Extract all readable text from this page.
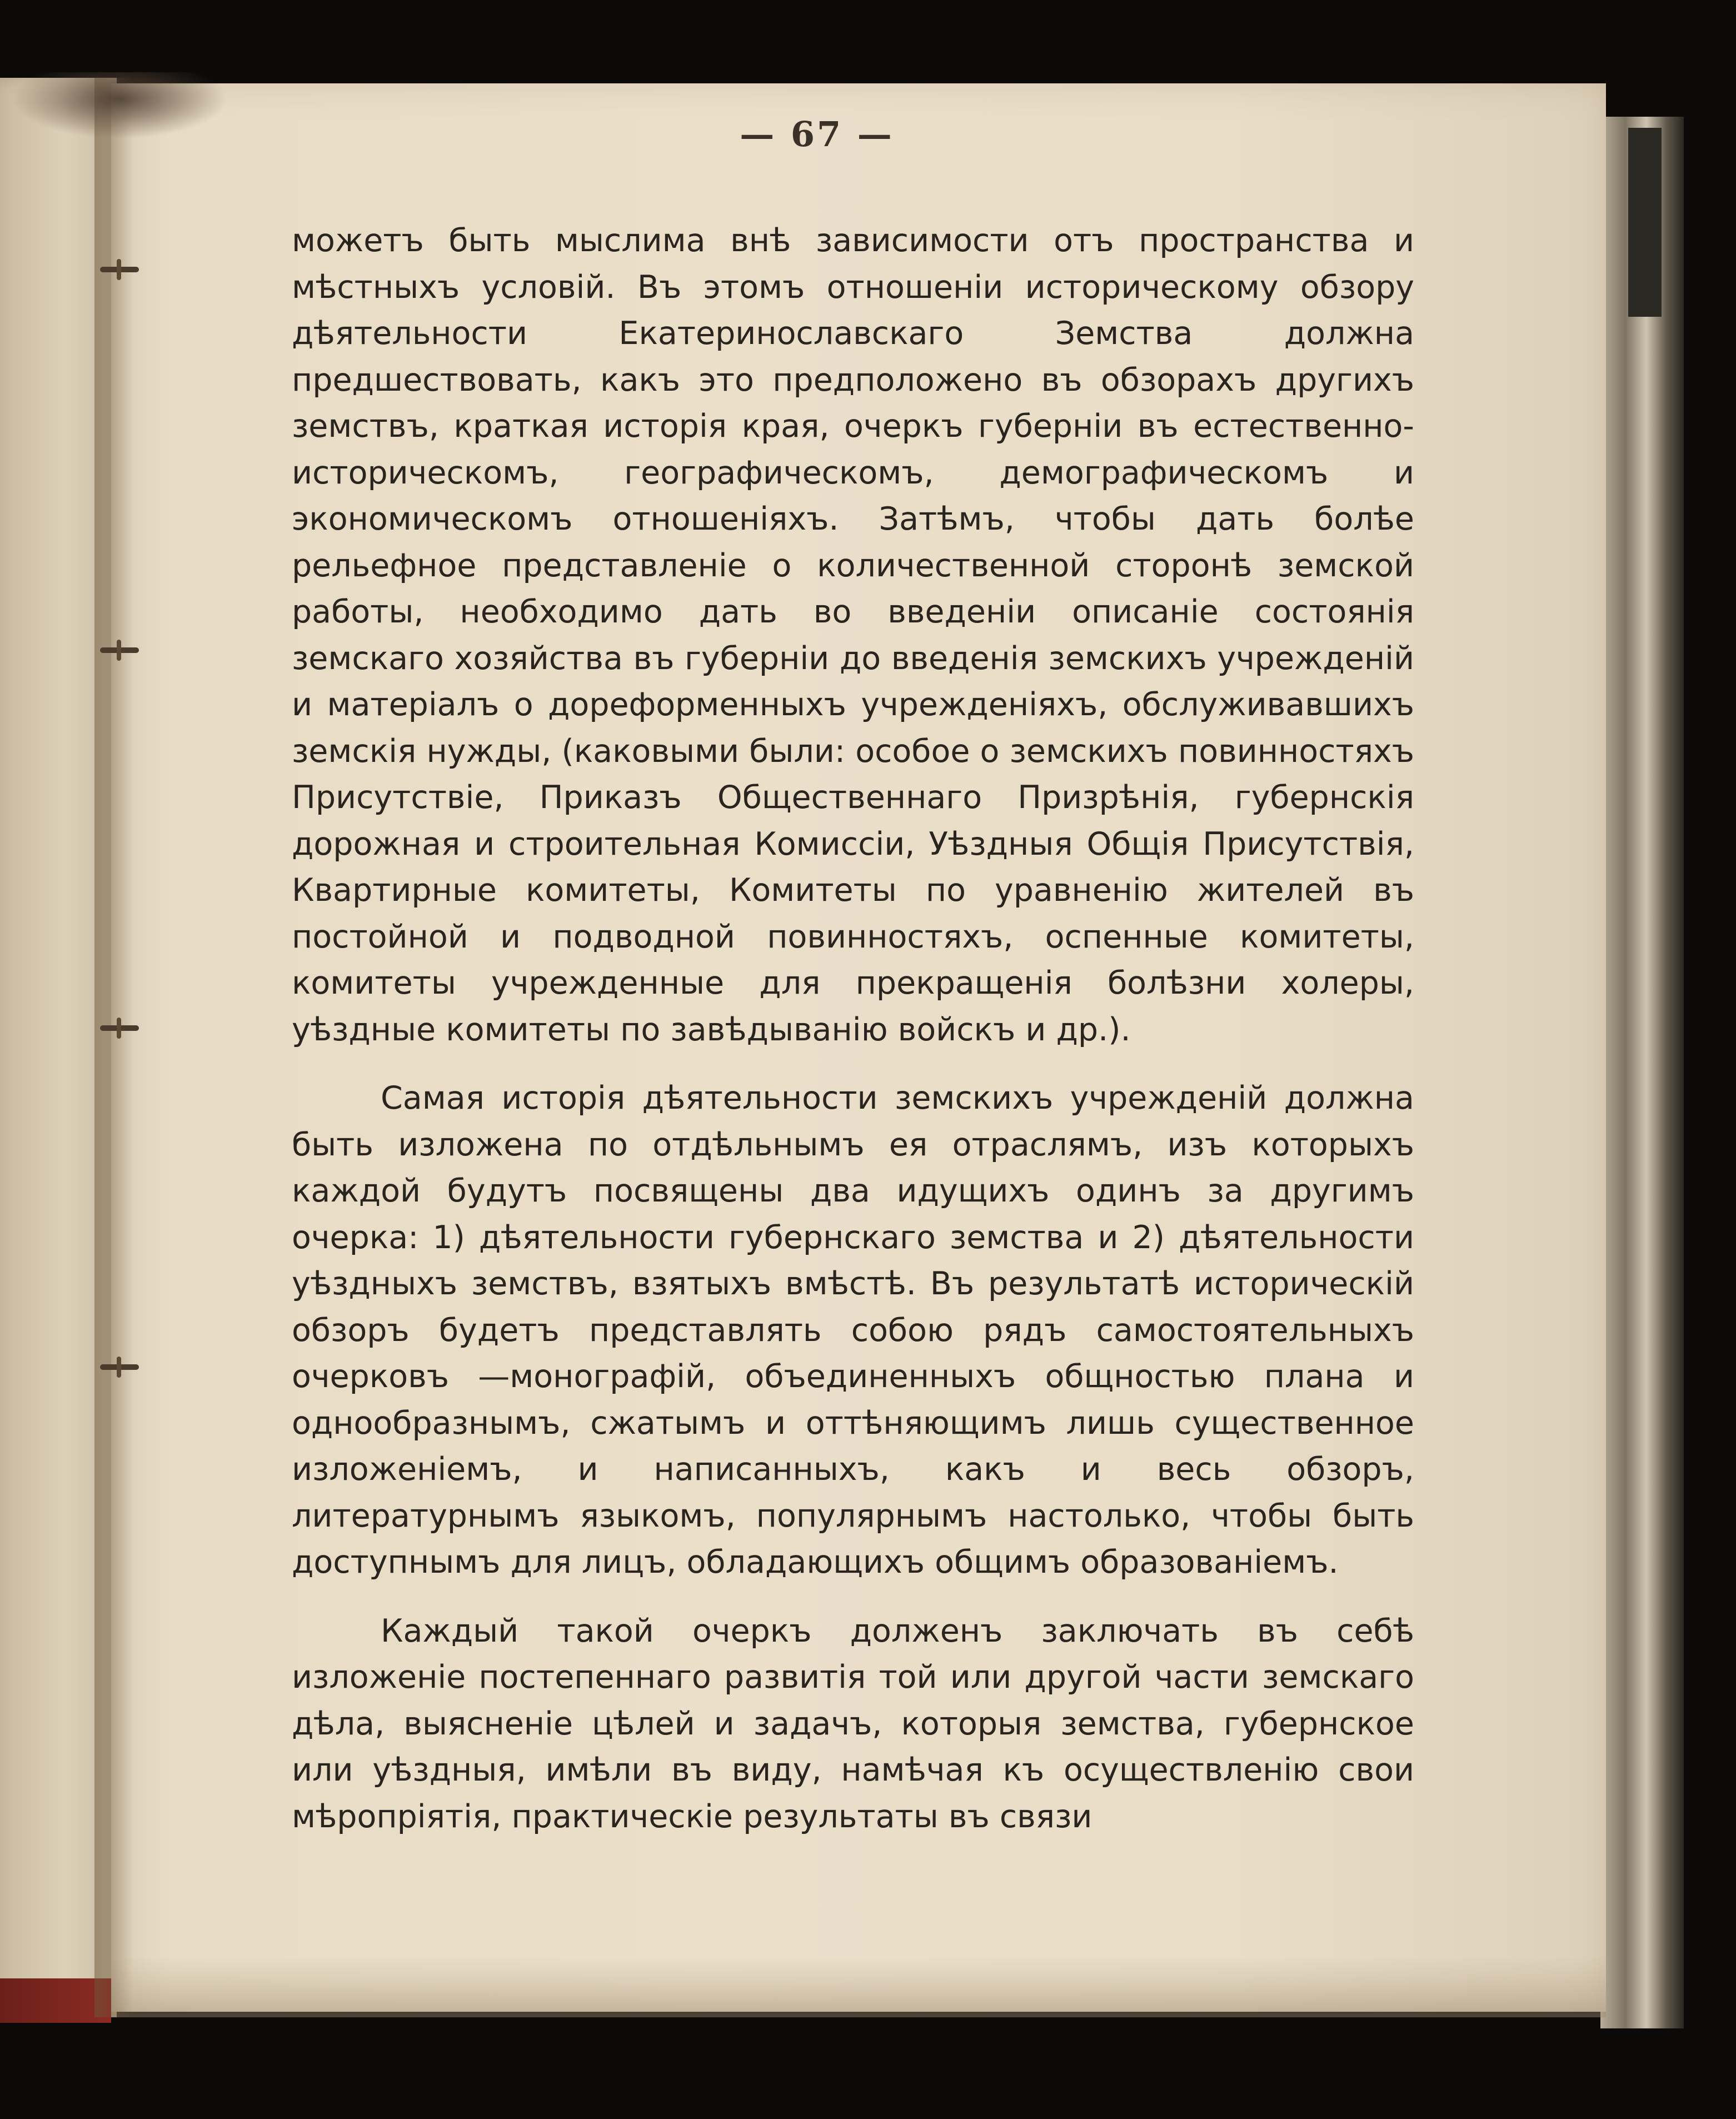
— 67 —

можетъ быть мыслима внѣ зависимости отъ пространства и мѣстныхъ условій. Въ этомъ отношеніи историческому обзору дѣятельности Екатеринославскаго Земства должна предшествовать, какъ это предположено въ обзорахъ другихъ земствъ, краткая исторія края, очеркъ губерніи въ естественно-историческомъ, географическомъ, демографическомъ и экономическомъ отношеніяхъ. Затѣмъ, чтобы дать болѣе рельефное представленіе о количественной сторонѣ земской работы, необходимо дать во введеніи описаніе состоянія земскаго хозяйства въ губерніи до введенія земскихъ учрежденій и матеріалъ о дореформенныхъ учрежденіяхъ, обслуживавшихъ земскія нужды, (каковыми были: особое о земскихъ повинностяхъ Присутствіе, Приказъ Общественнаго Призрѣнія, губернскія дорожная и строительная Комиссіи, Уѣздныя Общія Присутствія, Квартирные комитеты, Комитеты по уравненію жителей въ постойной и подводной повинностяхъ, оспенные комитеты, комитеты учрежденные для прекращенія болѣзни холеры, уѣздные комитеты по завѣдыванію войскъ и др.).

Самая исторія дѣятельности земскихъ учрежденій должна быть изложена по отдѣльнымъ ея отраслямъ, изъ которыхъ каждой будутъ посвящены два идущихъ одинъ за другимъ очерка: 1) дѣятельности губернскаго земства и 2) дѣятельности уѣздныхъ земствъ, взятыхъ вмѣстѣ. Въ результатѣ историческій обзоръ будетъ представлять собою рядъ самостоятельныхъ очерковъ —монографій, объединенныхъ общностью плана и однообразнымъ, сжатымъ и оттѣняющимъ лишь существенное изложеніемъ, и написанныхъ, какъ и весь обзоръ, литературнымъ языкомъ, популярнымъ настолько, чтобы быть доступнымъ для лицъ, обладающихъ общимъ образованіемъ.

Каждый такой очеркъ долженъ заключать въ себѣ изложеніе постепеннаго развитія той или другой части земскаго дѣла, выясненіе цѣлей и задачъ, которыя земства, губернское или уѣздныя, имѣли въ виду, намѣчая къ осуществленію свои мѣропріятія, практическіе результаты въ связи
